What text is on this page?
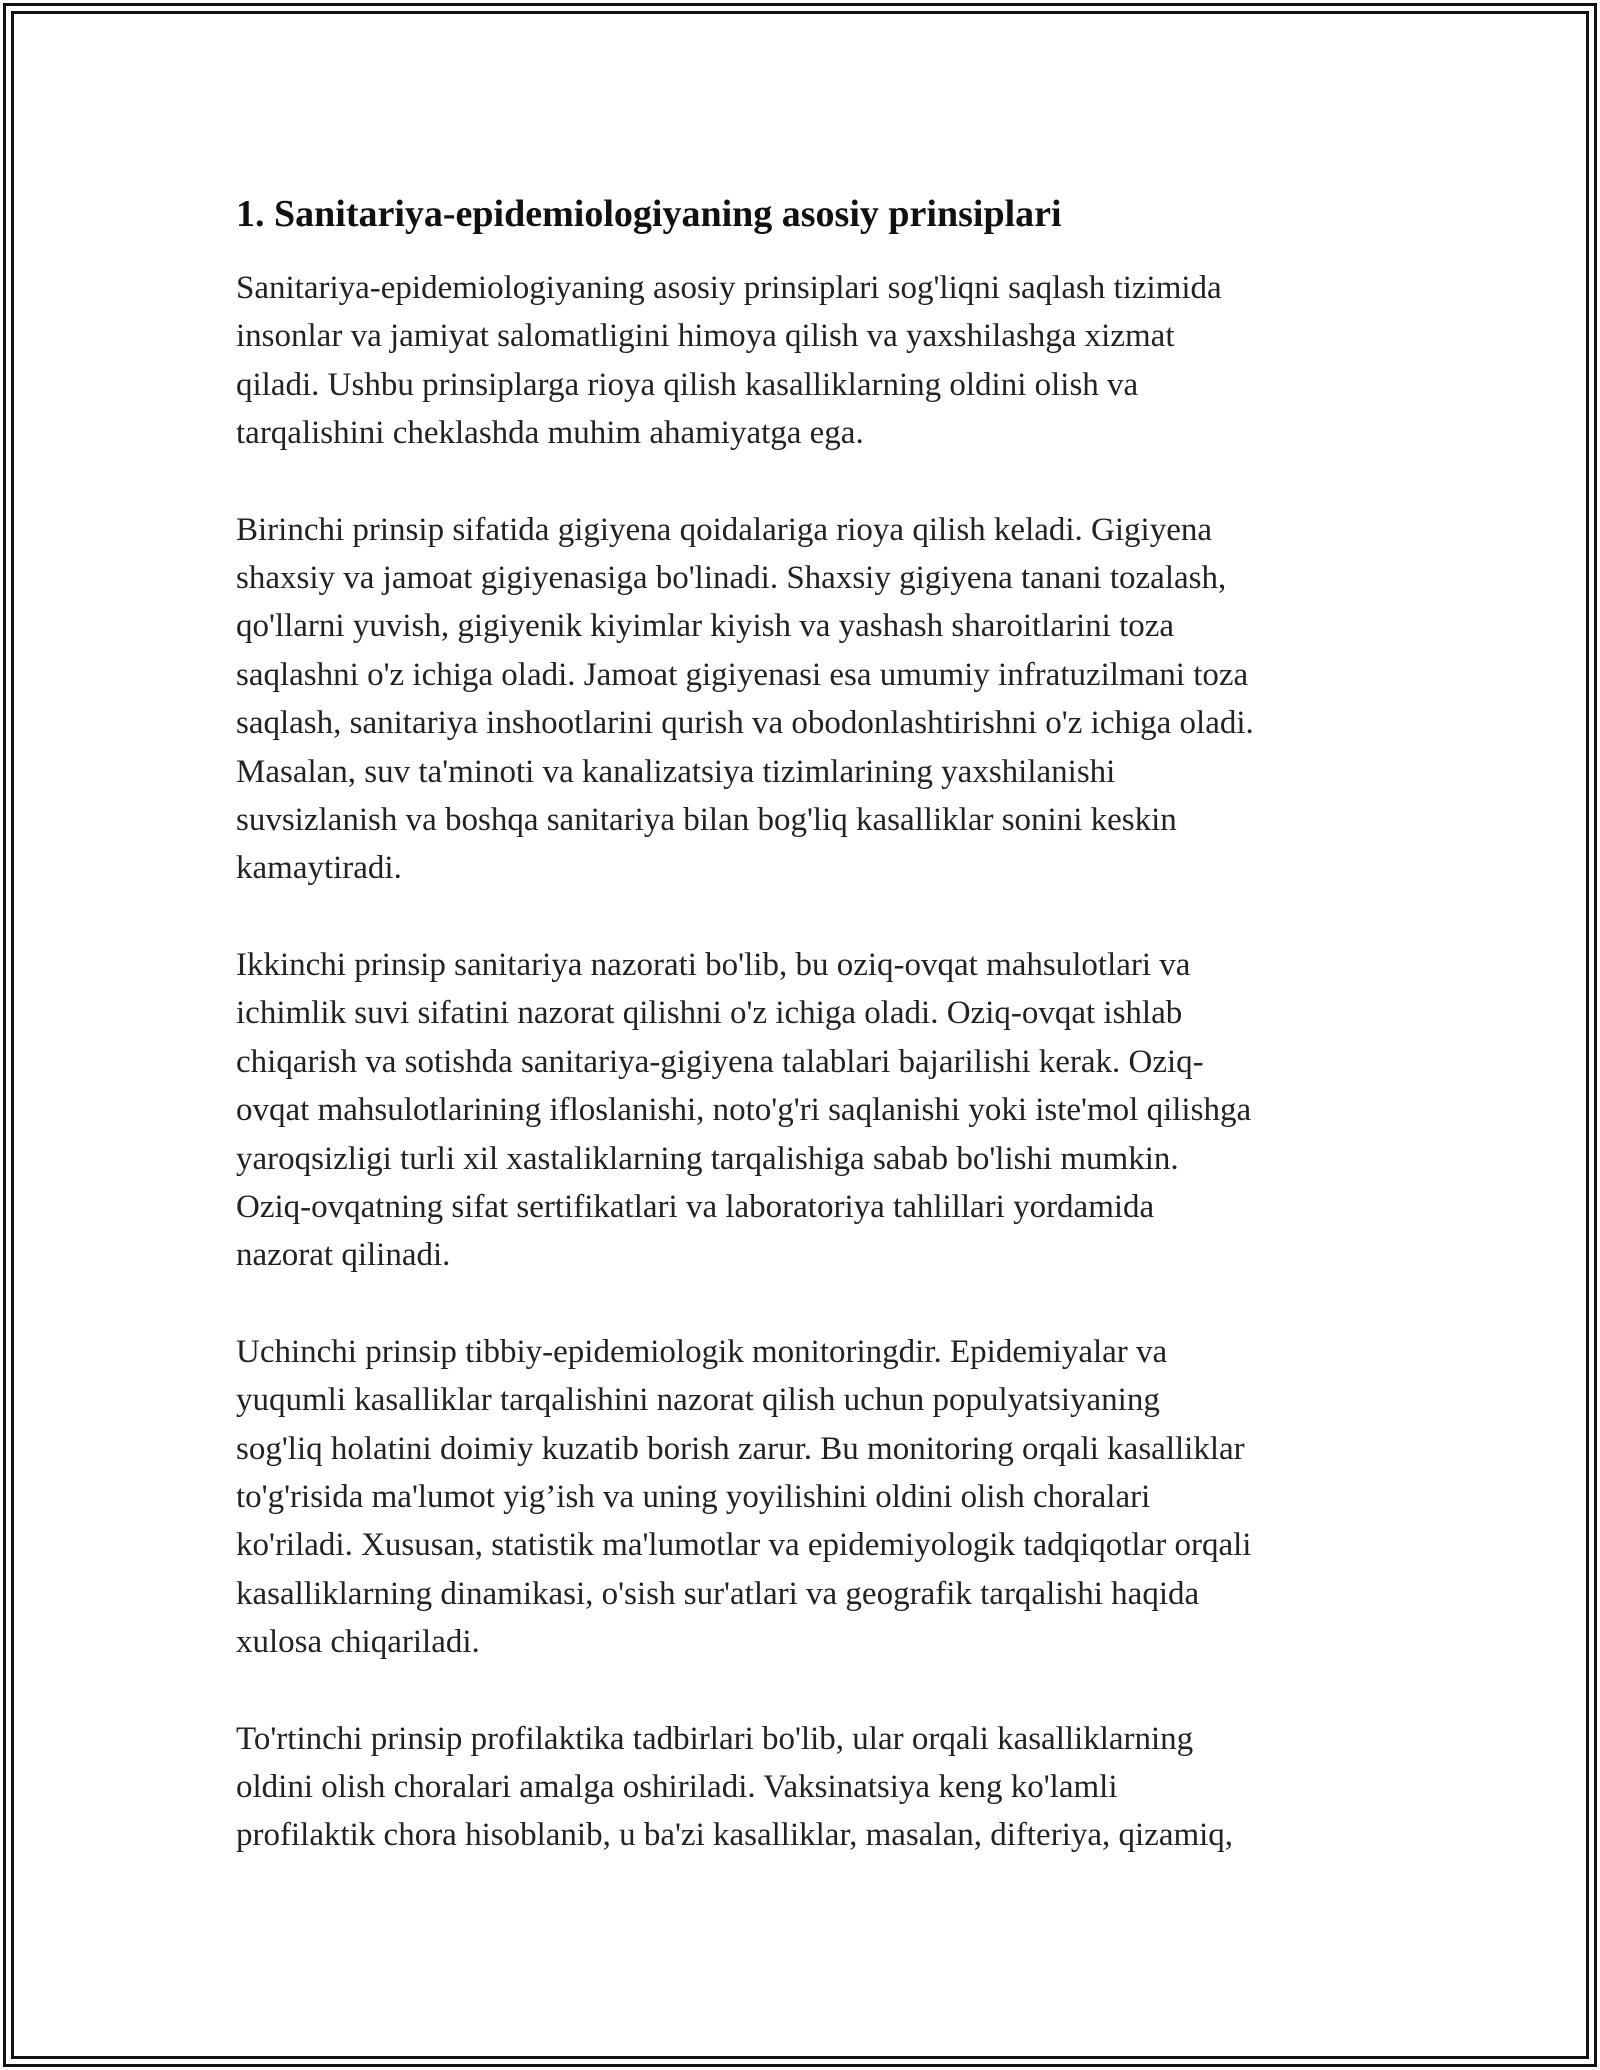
1. Sanitariya-epidemiologiyaning asosiy prinsiplari
Sanitariya-epidemiologiyaning asosiy prinsiplari sog'liqni saqlash tizimida
insonlar va jamiyat salomatligini himoya qilish va yaxshilashga xizmat
qiladi. Ushbu prinsiplarga rioya qilish kasalliklarning oldini olish va
tarqalishini cheklashda muhim ahamiyatga ega.
Birinchi prinsip sifatida gigiyena qoidalariga rioya qilish keladi. Gigiyena
shaxsiy va jamoat gigiyenasiga bo'linadi. Shaxsiy gigiyena tanani tozalash,
qo'llarni yuvish, gigiyenik kiyimlar kiyish va yashash sharoitlarini toza
saqlashni o'z ichiga oladi. Jamoat gigiyenasi esa umumiy infratuzilmani toza
saqlash, sanitariya inshootlarini qurish va obodonlashtirishni o'z ichiga oladi.
Masalan, suv ta'minoti va kanalizatsiya tizimlarining yaxshilanishi
suvsizlanish va boshqa sanitariya bilan bog'liq kasalliklar sonini keskin
kamaytiradi.
Ikkinchi prinsip sanitariya nazorati bo'lib, bu oziq-ovqat mahsulotlari va
ichimlik suvi sifatini nazorat qilishni o'z ichiga oladi. Oziq-ovqat ishlab
chiqarish va sotishda sanitariya-gigiyena talablari bajarilishi kerak. Oziq-
ovqat mahsulotlarining ifloslanishi, noto'g'ri saqlanishi yoki iste'mol qilishga
yaroqsizligi turli xil xastaliklarning tarqalishiga sabab bo'lishi mumkin.
Oziq-ovqatning sifat sertifikatlari va laboratoriya tahlillari yordamida
nazorat qilinadi.
Uchinchi prinsip tibbiy-epidemiologik monitoringdir. Epidemiyalar va
yuqumli kasalliklar tarqalishini nazorat qilish uchun populyatsiyaning
sog'liq holatini doimiy kuzatib borish zarur. Bu monitoring orqali kasalliklar
to'g'risida ma'lumot yig’ish va uning yoyilishini oldini olish choralari
ko'riladi. Xususan, statistik ma'lumotlar va epidemiyologik tadqiqotlar orqali
kasalliklarning dinamikasi, o'sish sur'atlari va geografik tarqalishi haqida
xulosa chiqariladi.
To'rtinchi prinsip profilaktika tadbirlari bo'lib, ular orqali kasalliklarning
oldini olish choralari amalga oshiriladi. Vaksinatsiya keng ko'lamli
profilaktik chora hisoblanib, u ba'zi kasalliklar, masalan, difteriya, qizamiq,
